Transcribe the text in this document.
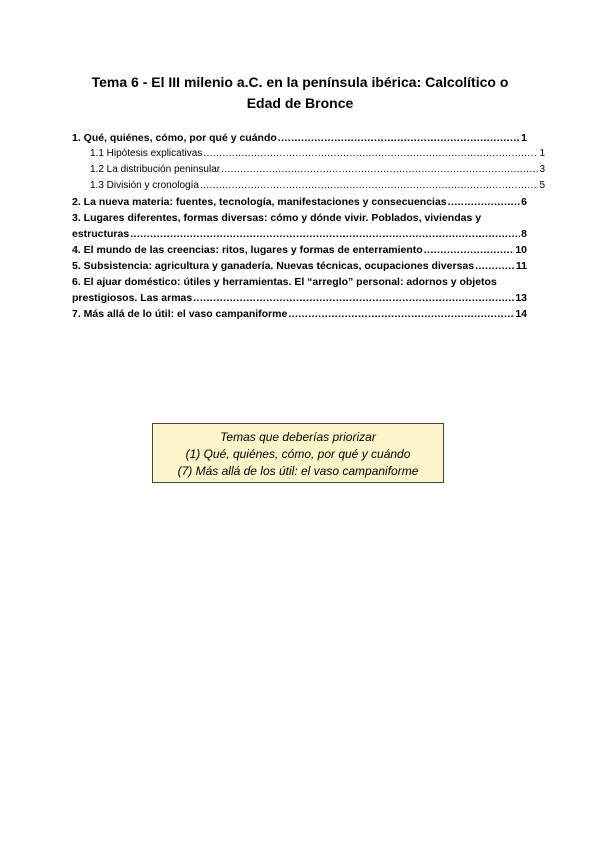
Tema 6 - El III milenio a.C. en la península ibérica: Calcolítico o
Edad de Bronce
1. Qué, quiénes, cómo, por qué y cuándo .....	1
1.1 Hipótesis explicativas .....	1
1.2 La distribución peninsular .....	3
1.3 División y cronología .....	5
2. La nueva materia: fuentes, tecnología, manifestaciones y consecuencias .....	6
3. Lugares diferentes, formas diversas: cómo y dónde vivir. Poblados, viviendas y
estructuras .....	8
4. El mundo de las creencias: ritos, lugares y formas de enterramiento .....	10
5. Subsistencia: agricultura y ganadería. Nuevas técnicas, ocupaciones diversas .....	11
6. El ajuar doméstico: útiles y herramientas. El “arreglo” personal: adornos y objetos
prestigiosos. Las armas .....	13
7. Más allá de lo útil: el vaso campaniforme .....	14
Temas que deberías priorizar
(1) Qué, quiénes, cómo, por qué y cuándo
(7) Más allá de los útil: el vaso campaniforme
